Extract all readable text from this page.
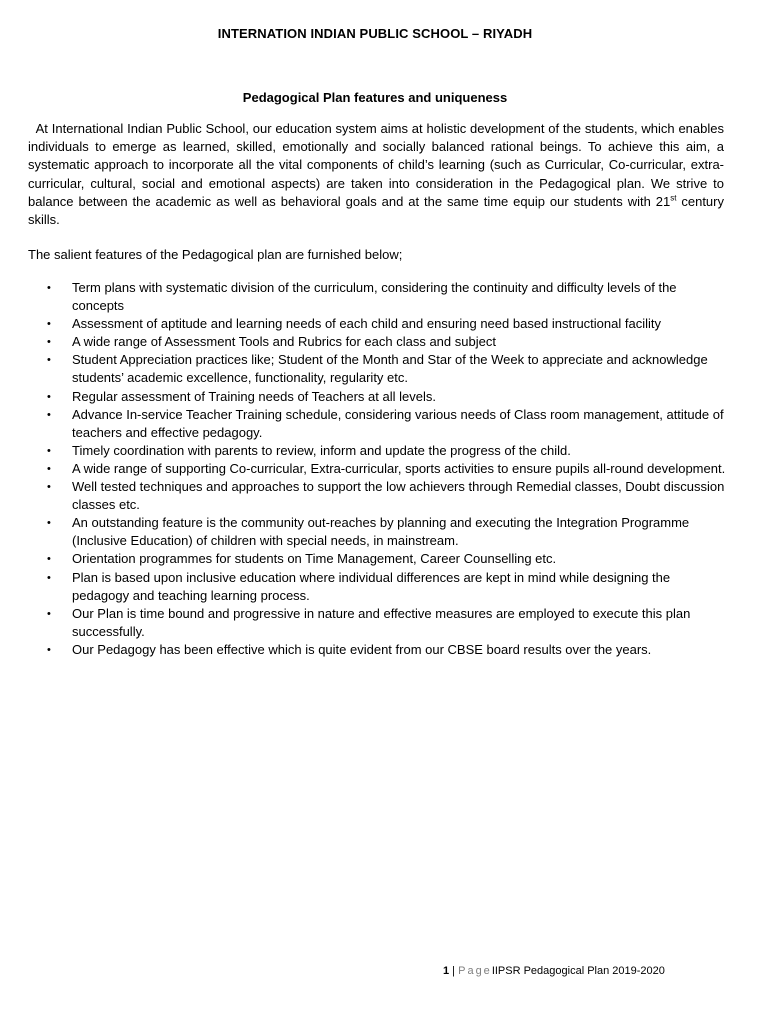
INTERNATION INDIAN PUBLIC SCHOOL – RIYADH
Pedagogical Plan features and uniqueness

At International Indian Public School, our education system aims at holistic development of the students, which enables individuals to emerge as learned, skilled, emotionally and socially balanced rational beings. To achieve this aim, a systematic approach to incorporate all the vital components of child’s learning (such as Curricular, Co-curricular, extra-curricular, cultural, social and emotional aspects) are taken into consideration in the Pedagogical plan. We strive to balance between the academic as well as behavioral goals and at the same time equip our students with 21st century skills.

The salient features of the Pedagogical plan are furnished below;

• Term plans with systematic division of the curriculum, considering the continuity and difficulty levels of the concepts
• Assessment of aptitude and learning needs of each child and ensuring need based instructional facility
• A wide range of Assessment Tools and Rubrics for each class and subject
• Student Appreciation practices like; Student of the Month and Star of the Week to appreciate and acknowledge students’ academic excellence, functionality, regularity etc.
• Regular assessment of Training needs of Teachers at all levels.
• Advance In-service Teacher Training schedule, considering various needs of Class room management, attitude of teachers and effective pedagogy.
• Timely coordination with parents to review, inform and update the progress of the child.
• A wide range of supporting Co-curricular, Extra-curricular, sports activities to ensure pupils all-round development.
• Well tested techniques and approaches to support the low achievers through Remedial classes, Doubt discussion classes etc.
• An outstanding feature is the community out-reaches by planning and executing the Integration Programme (Inclusive Education) of children with special needs, in mainstream.
• Orientation programmes for students on Time Management, Career Counselling etc.
• Plan is based upon inclusive education where individual differences are kept in mind while designing the pedagogy and teaching learning process.
• Our Plan is time bound and progressive in nature and effective measures are employed to execute this plan successfully.
• Our Pedagogy has been effective which is quite evident from our CBSE board results over the years.
1 | PageIIPSR Pedagogical Plan 2019-2020
